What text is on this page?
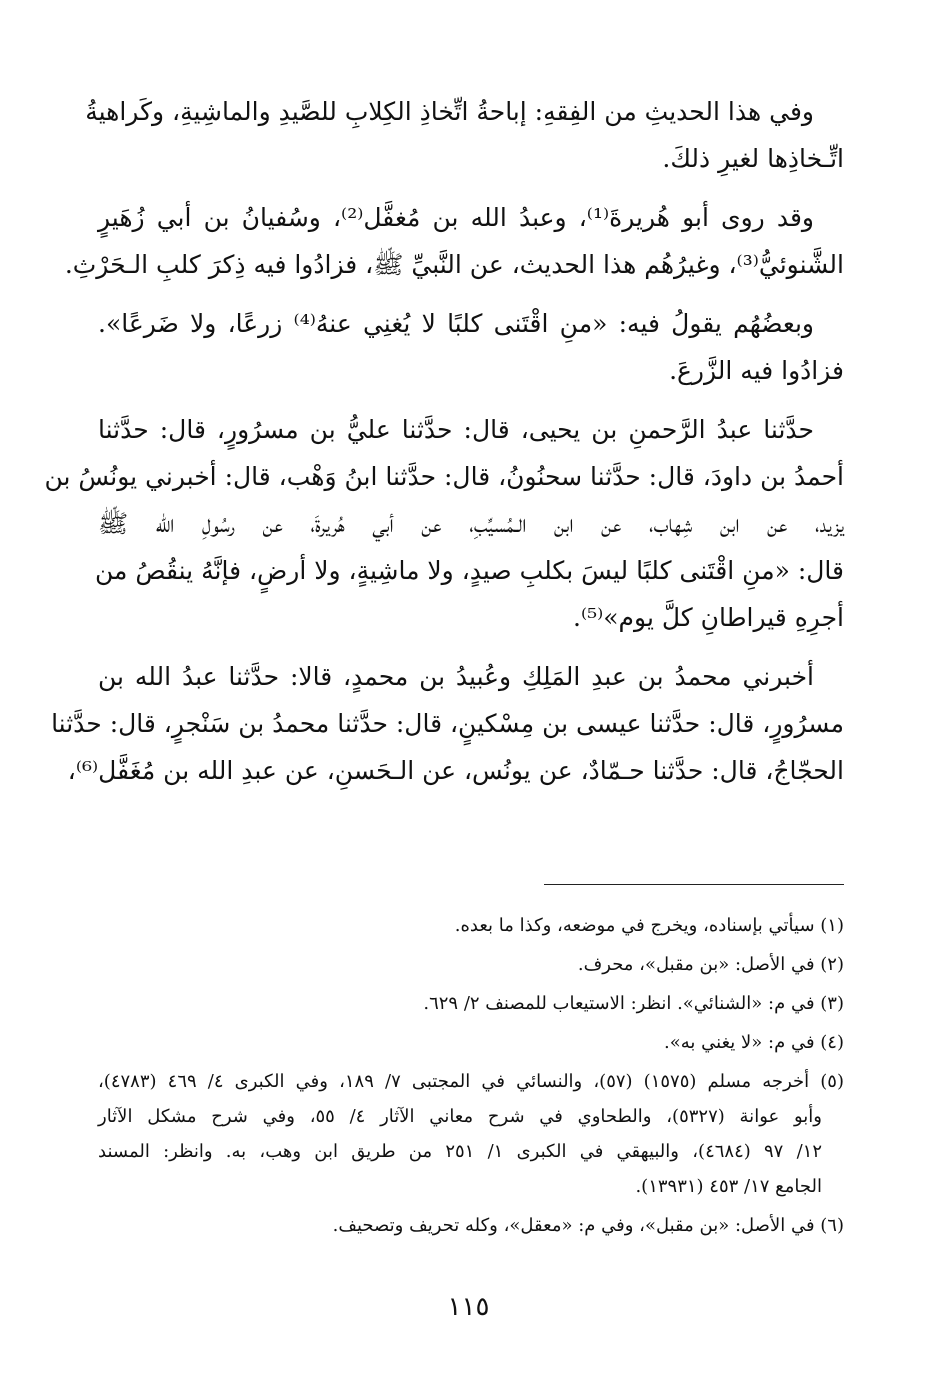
وفي هذا الحديثِ من الفِقهِ: إباحةُ اتِّخاذِ الكِلابِ للصَّيدِ والماشِيةِ، وكَراهيةُ
اتِّـخاذِها لغيرِ ذلكَ.

وقد روى أبو هُريرةَ⁽¹⁾، وعبدُ الله بن مُغفَّل⁽²⁾، وسُفيانُ بن أبي زُهَيرٍ
الشَّنوئيُّ⁽³⁾، وغيرُهُم هذا الحديث، عن النَّبيِّ ﷺ، فزادُوا فيه ذِكرَ كلبِ الـحَرْثِ.

وبعضُهُم يقولُ فيه: «منِ اقْتَنى كلبًا لا يُغنِي عنهُ⁽⁴⁾ زرعًا، ولا ضَرعًا».
فزادُوا فيه الزَّرعَ.

حدَّثنا عبدُ الرَّحمنِ بن يحيى، قال: حدَّثنا عليُّ بن مسرُورٍ، قال: حدَّثنا
أحمدُ بن داودَ، قال: حدَّثنا سحنُونُ، قال: حدَّثنا ابنُ وَهْب، قال: أخبرني يونُسُ بن
يزيد، عن ابن شِهاب، عن ابن الـمُسيِّبِ، عن أبي هُريرةَ، عن رسُولِ الله ﷺ
قال: «منِ اقْتَنى كلبًا ليسَ بكلبِ صيدٍ، ولا ماشِيةٍ، ولا أرضٍ، فإنَّهُ ينقُصُ من
أجرِهِ قيراطانِ كلَّ يوم»⁽⁵⁾.

أخبرني محمدُ بن عبدِ المَلِكِ وعُبيدُ بن محمدٍ، قالا: حدَّثنا عبدُ الله بن
مسرُورٍ، قال: حدَّثنا عيسى بن مِسْكينٍ، قال: حدَّثنا محمدُ بن سَنْجرٍ، قال: حدَّثنا
الحجّاجُ، قال: حدَّثنا حـمّادٌ، عن يونُس، عن الـحَسنِ، عن عبدِ الله بن مُغَفَّل⁽⁶⁾،

(١) سيأتي بإسناده، ويخرج في موضعه، وكذا ما بعده.

(٢) في الأصل: «بن مقبل»، محرف.

(٣) في م: «الشنائي». انظر: الاستيعاب للمصنف ٢/ ٦٢٩.

(٤) في م: «لا يغني به».

(٥) أخرجه مسلم (١٥٧٥) (٥٧)، والنسائي في المجتبى ٧/ ١٨٩، وفي الكبرى ٤/ ٤٦٩ (٤٧٨٣)،
وأبو عوانة (٥٣٢٧)، والطحاوي في شرح معاني الآثار ٤/ ٥٥، وفي شرح مشكل الآثار
١٢/ ٩٧ (٤٦٨٤)، والبيهقي في الكبرى ١/ ٢٥١ من طريق ابن وهب، به. وانظر: المسند
الجامع ١٧/ ٤٥٣ (١٣٩٣١).

(٦) في الأصل: «بن مقبل»، وفي م: «معقل»، وكله تحريف وتصحيف.

١١٥
